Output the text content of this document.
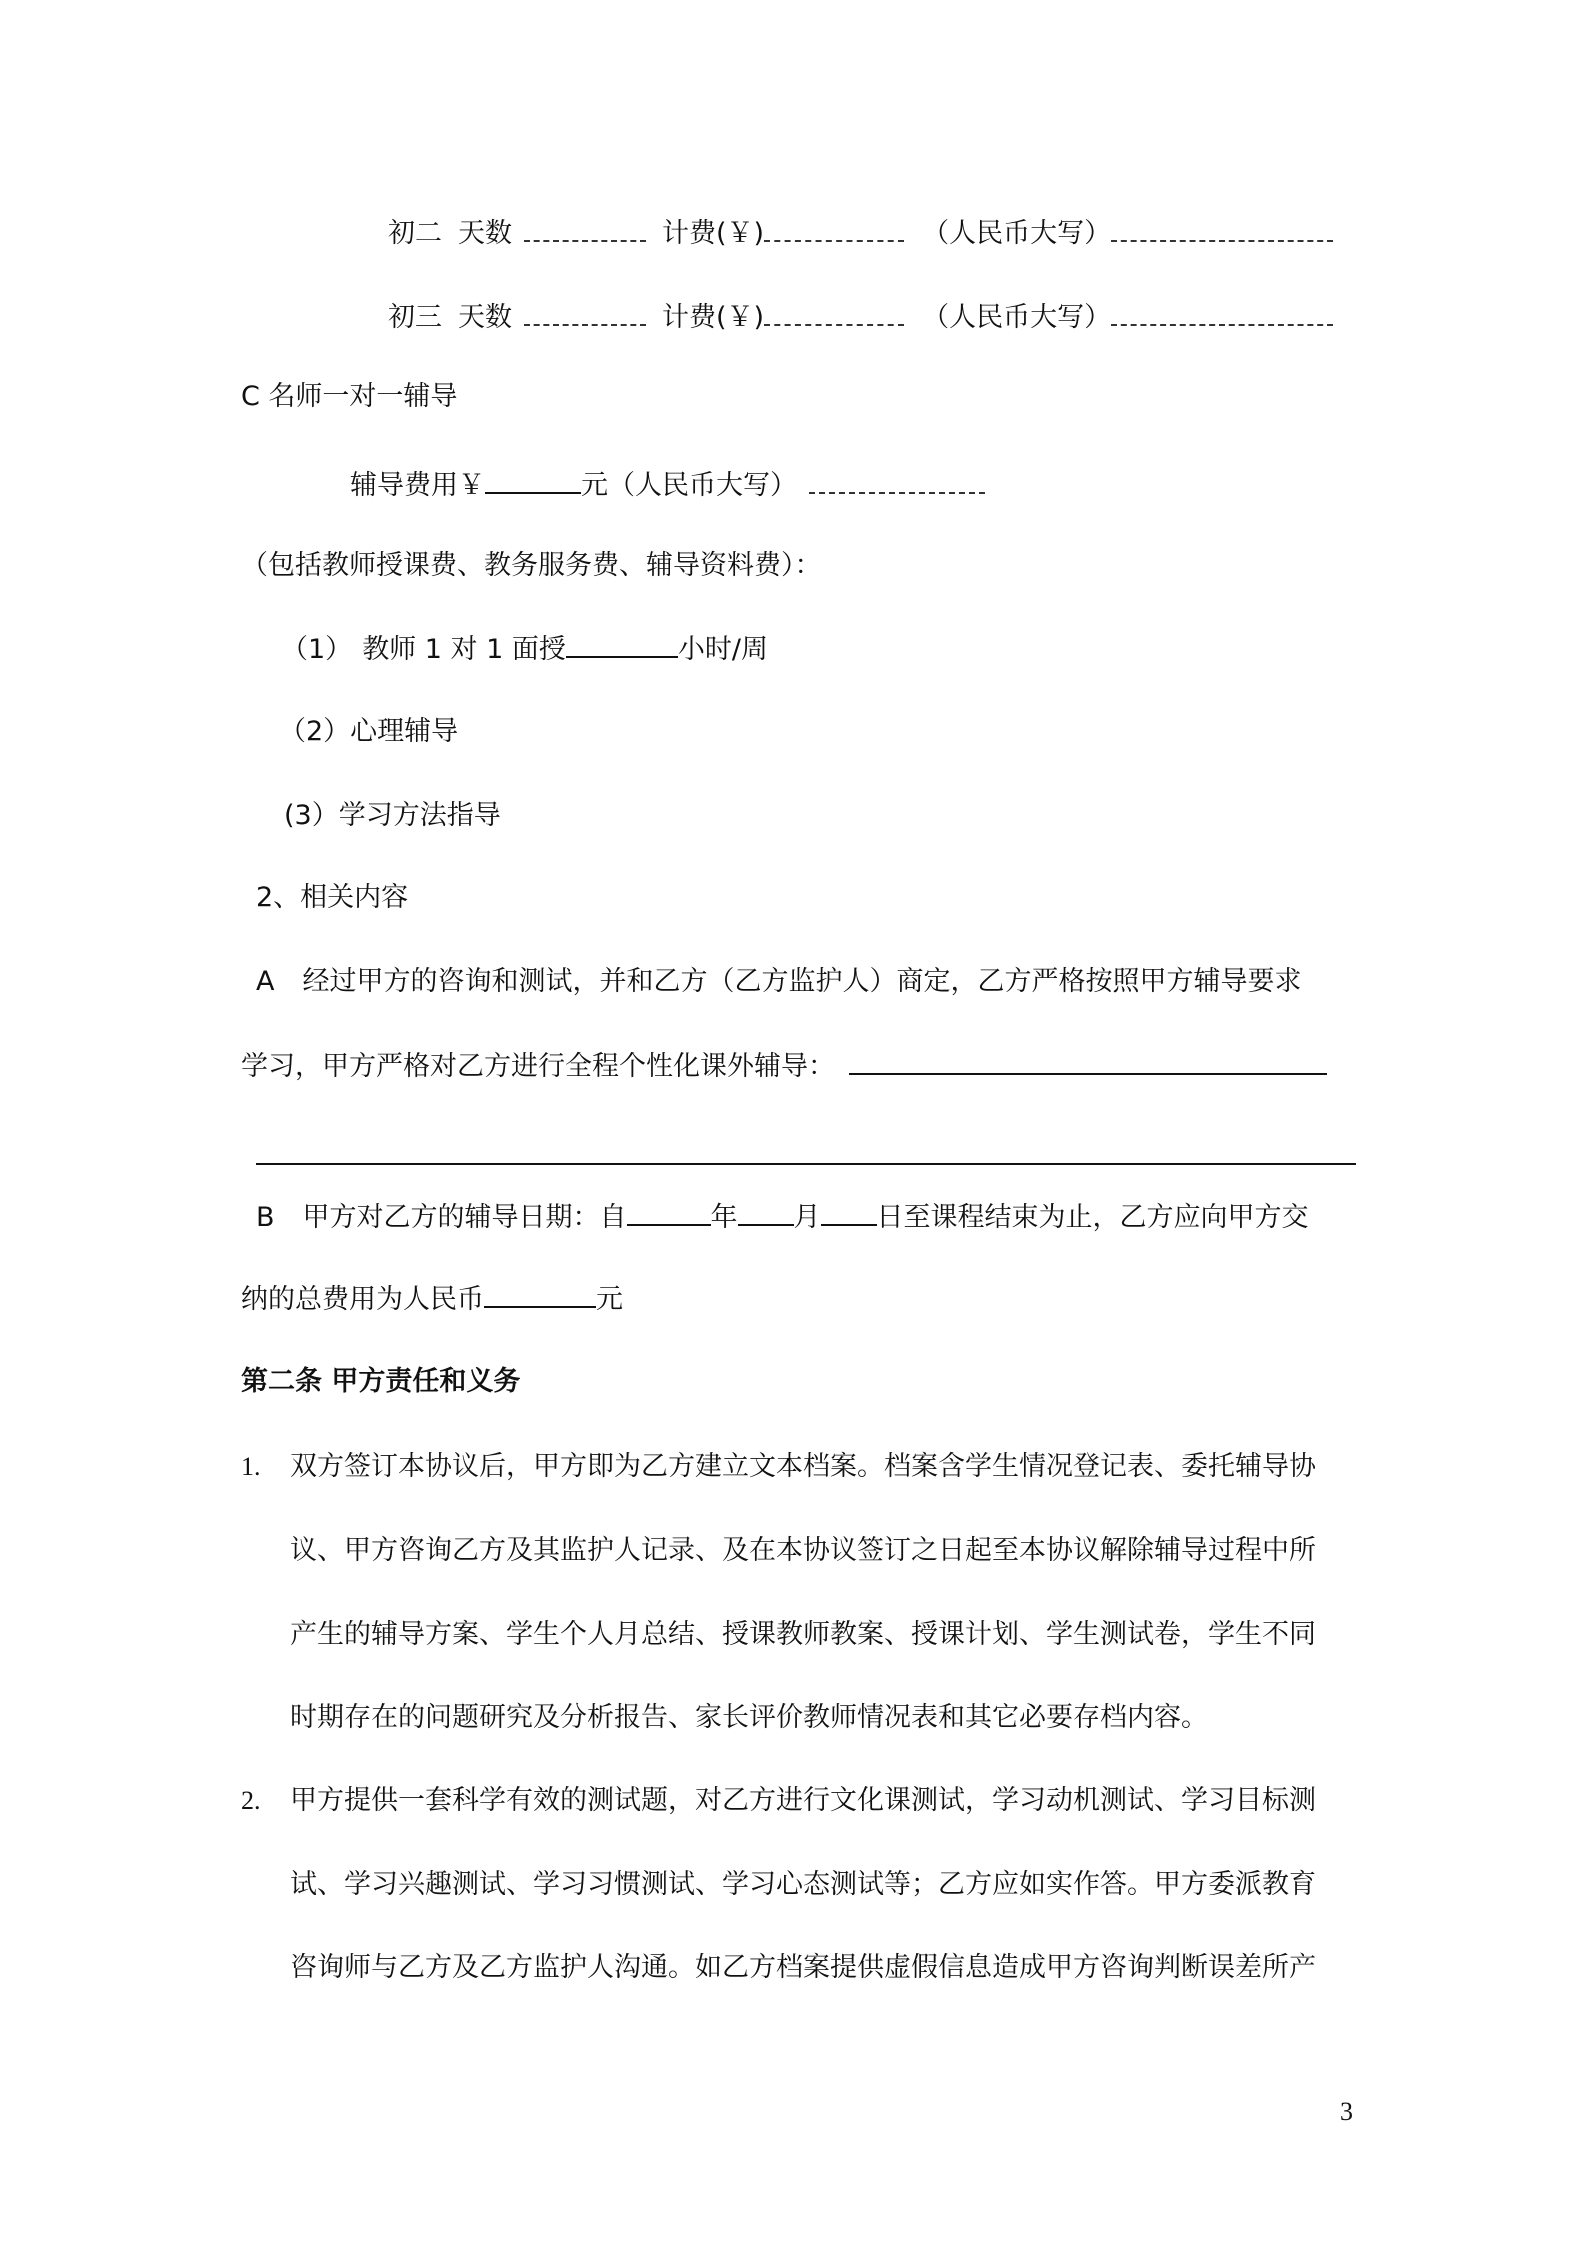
初二 天数	计费(￥)	（人民币大写）
初三 天数	计费(￥)	（人民币大写）
C 名师一对一辅导
辅导费用￥	元（人民币大写）
（包括教师授课费、教务服务费、辅导资料费）：
（1） 教师 1 对 1 面授	小时/周
（2）心理辅导
(3）学习方法指导
2、相关内容
A 经过甲方的咨询和测试，并和乙方（乙方监护人）商定，乙方严格按照甲方辅导要求
学习，甲方严格对乙方进行全程个性化课外辅导：
B 甲方对乙方的辅导日期：自	年 月 日至课程结束为止，乙方应向甲方交
纳的总费用为人民币	元
第二条 甲方责任和义务
1. 双方签订本协议后，甲方即为乙方建立文本档案。档案含学生情况登记表、委托辅导协
议、甲方咨询乙方及其监护人记录、及在本协议签订之日起至本协议解除辅导过程中所
产生的辅导方案、学生个人月总结、授课教师教案、授课计划、学生测试卷，学生不同
时期存在的问题研究及分析报告、家长评价教师情况表和其它必要存档内容。
2. 甲方提供一套科学有效的测试题，对乙方进行文化课测试，学习动机测试、学习目标测
试、学习兴趣测试、学习习惯测试、学习心态测试等；乙方应如实作答。甲方委派教育
咨询师与乙方及乙方监护人沟通。如乙方档案提供虚假信息造成甲方咨询判断误差所产
3
